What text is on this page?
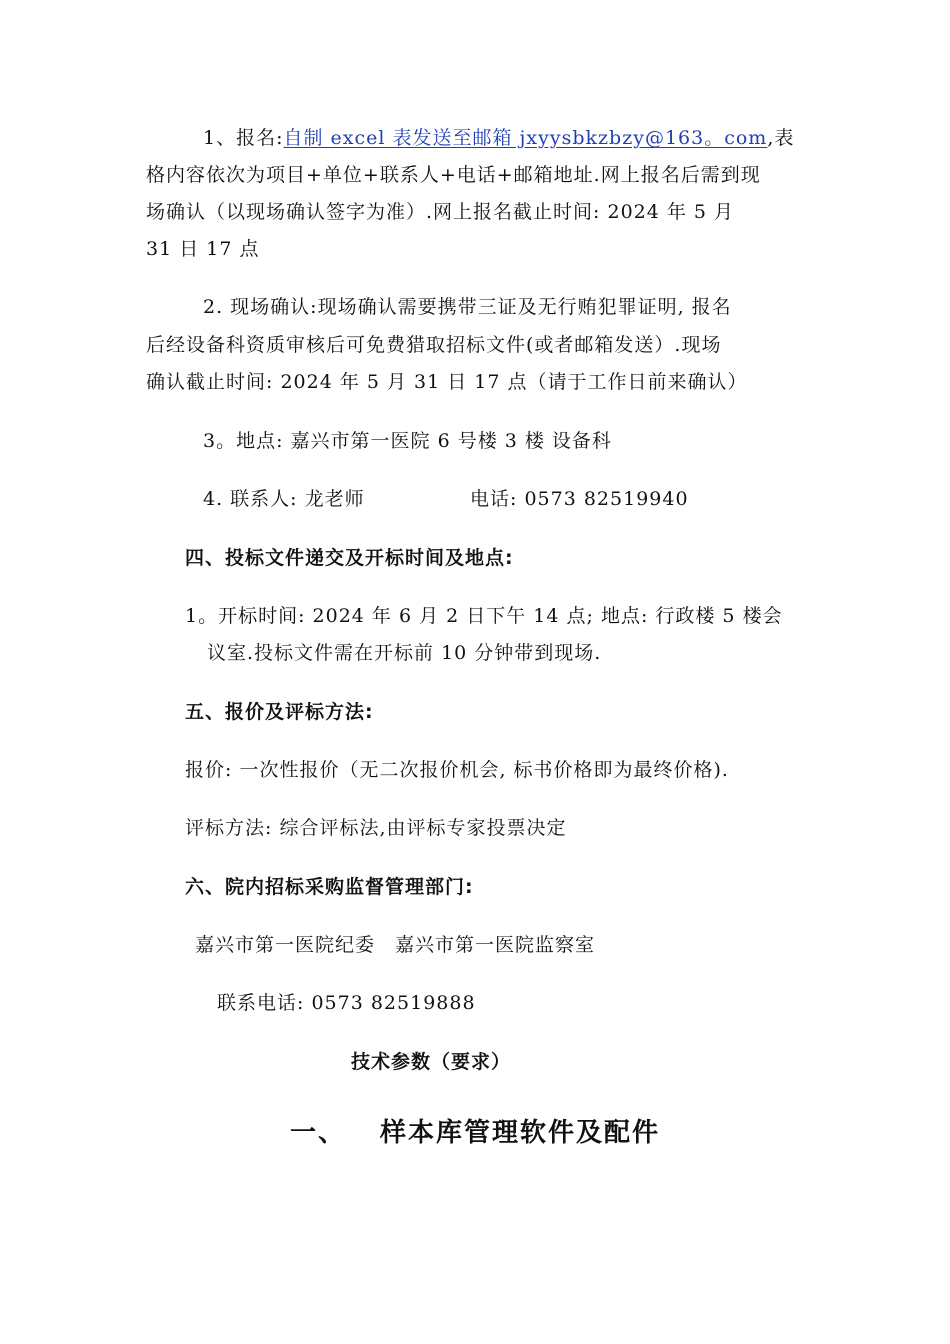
1、报名:自制 excel 表发送至邮箱 jxyysbkzbzy@163。com,表
格内容依次为项目+单位+联系人+电话+邮箱地址.网上报名后需到现
场确认（以现场确认签字为准）.网上报名截止时间: 2024 年 5 月
31 日 17 点
2. 现场确认:现场确认需要携带三证及无行贿犯罪证明, 报名
后经设备科资质审核后可免费猎取招标文件(或者邮箱发送）.现场
确认截止时间: 2024 年 5 月 31 日 17 点（请于工作日前来确认）
3。地点: 嘉兴市第一医院 6 号楼 3 楼 设备科
4. 联系人: 龙老师	电话: 0573 82519940
四、投标文件递交及开标时间及地点:
1。开标时间: 2024 年 6 月 2 日下午 14 点; 地点: 行政楼 5 楼会
议室.投标文件需在开标前 10 分钟带到现场.
五、报价及评标方法:
报价: 一次性报价（无二次报价机会, 标书价格即为最终价格).
评标方法: 综合评标法,由评标专家投票决定
六、院内招标采购监督管理部门:
嘉兴市第一医院纪委　嘉兴市第一医院监察室
联系电话: 0573 82519888
技术参数（要求）
一、 样本库管理软件及配件
